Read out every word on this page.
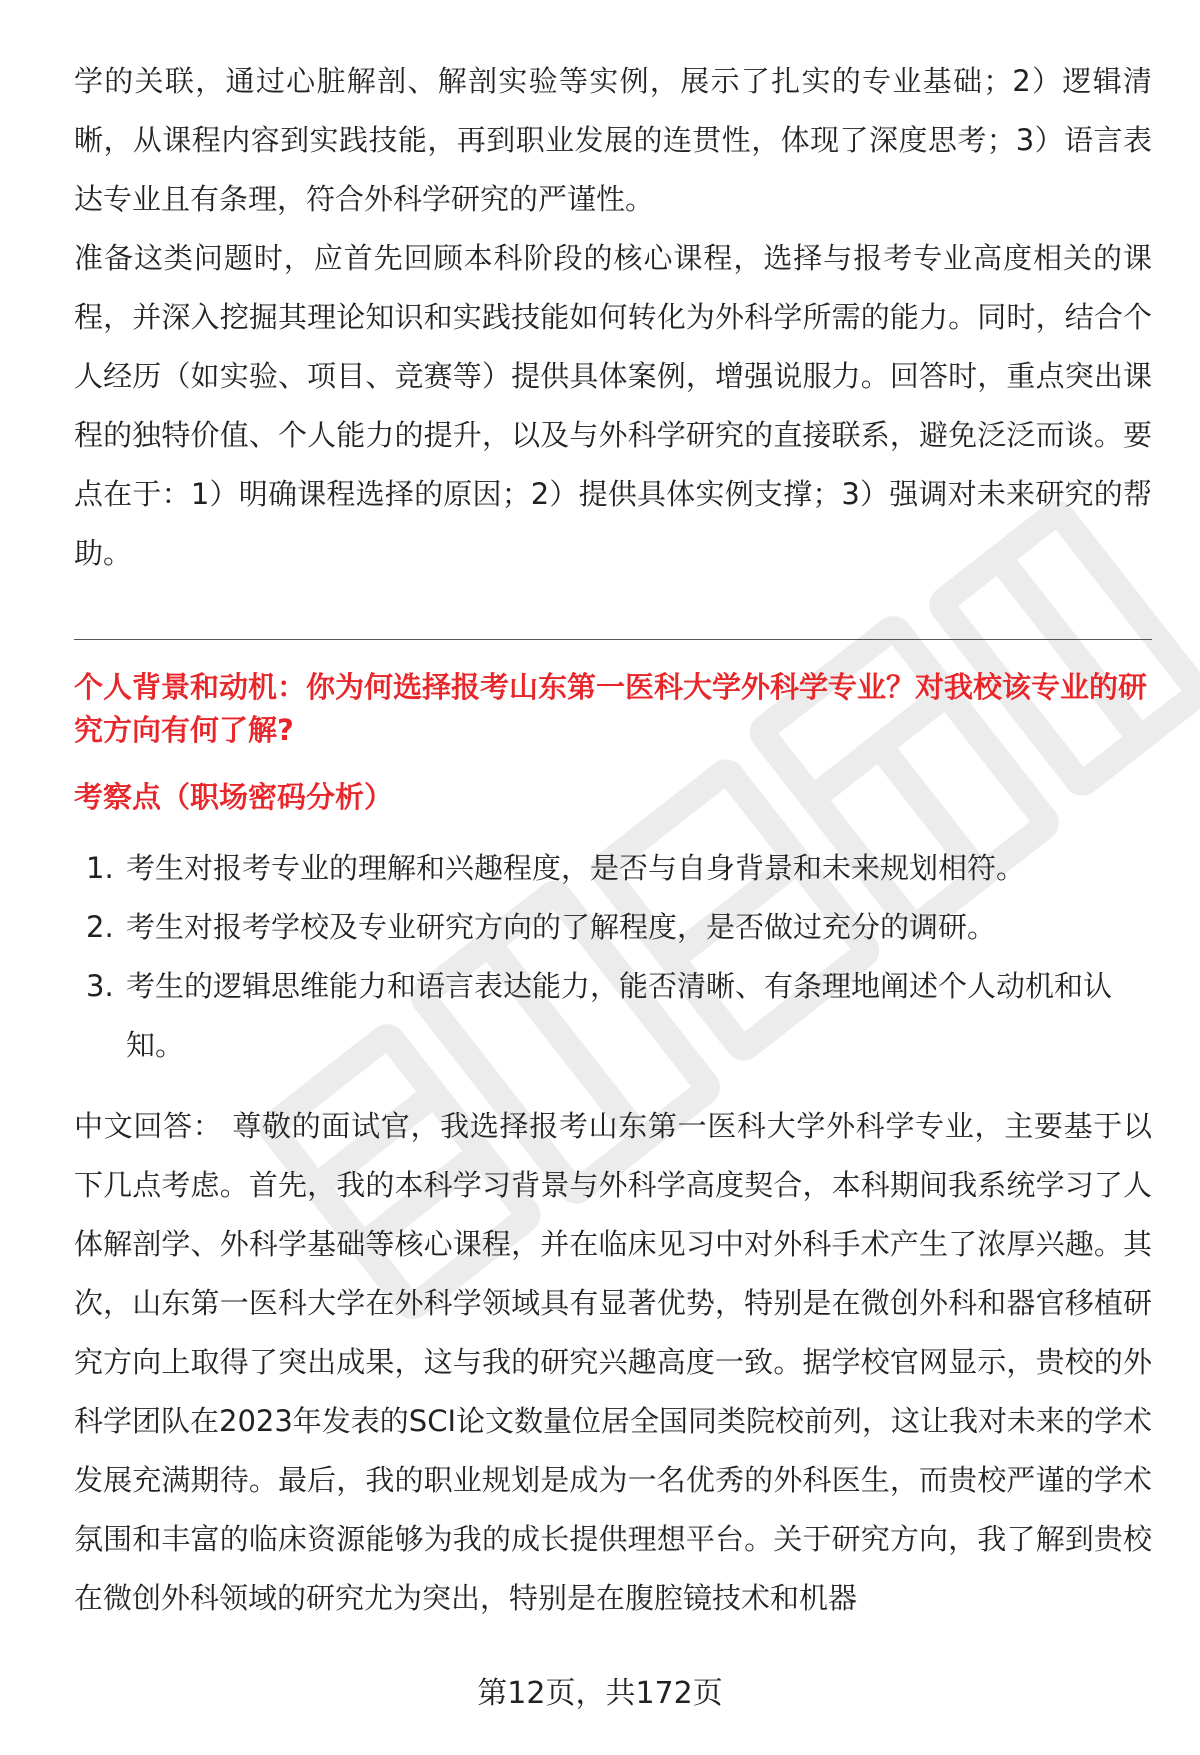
学的关联，通过心脏解剖、解剖实验等实例，展示了扎实的专业基础；2）逻辑清晰，从课程内容到实践技能，再到职业发展的连贯性，体现了深度思考；3）语言表达专业且有条理，符合外科学研究的严谨性。

准备这类问题时，应首先回顾本科阶段的核心课程，选择与报考专业高度相关的课程，并深入挖掘其理论知识和实践技能如何转化为外科学所需的能力。同时，结合个人经历（如实验、项目、竞赛等）提供具体案例，增强说服力。回答时，重点突出课程的独特价值、个人能力的提升，以及与外科学研究的直接联系，避免泛泛而谈。要点在于：1）明确课程选择的原因；2）提供具体实例支撑；3）强调对未来研究的帮助。

个人背景和动机：你为何选择报考山东第一医科大学外科学专业？对我校该专业的研究方向有何了解?

考察点（职场密码分析）

1. 考生对报考专业的理解和兴趣程度，是否与自身背景和未来规划相符。
2. 考生对报考学校及专业研究方向的了解程度，是否做过充分的调研。
3. 考生的逻辑思维能力和语言表达能力，能否清晰、有条理地阐述个人动机和认知。

中文回答： 尊敬的面试官，我选择报考山东第一医科大学外科学专业，主要基于以下几点考虑。首先，我的本科学习背景与外科学高度契合，本科期间我系统学习了人体解剖学、外科学基础等核心课程，并在临床见习中对外科手术产生了浓厚兴趣。其次，山东第一医科大学在外科学领域具有显著优势，特别是在微创外科和器官移植研究方向上取得了突出成果，这与我的研究兴趣高度一致。据学校官网显示，贵校的外科学团队在2023年发表的SCI论文数量位居全国同类院校前列，这让我对未来的学术发展充满期待。最后，我的职业规划是成为一名优秀的外科医生，而贵校严谨的学术氛围和丰富的临床资源能够为我的成长提供理想平台。关于研究方向，我了解到贵校在微创外科领域的研究尤为突出，特别是在腹腔镜技术和机器

第12页，共172页
